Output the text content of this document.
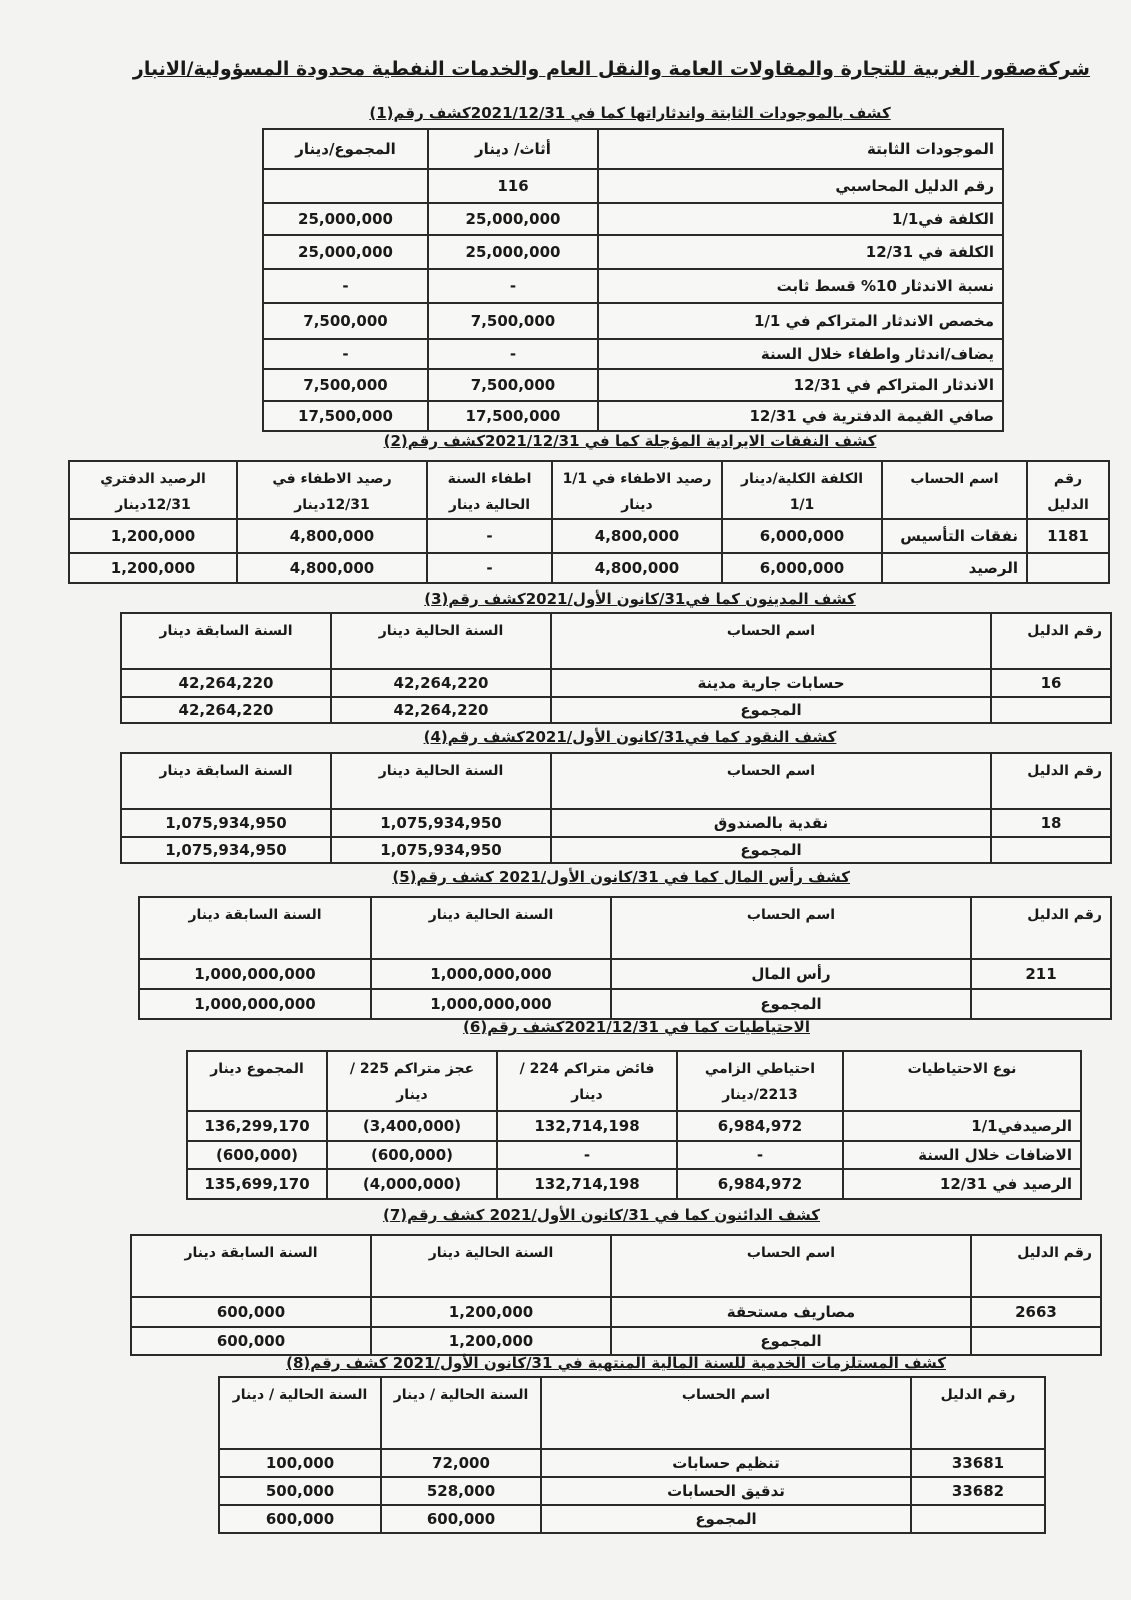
شركةصقور الغربية للتجارة والمقاولات العامة والنقل العام والخدمات النفطية محدودة المسؤولية/الانبار
كشف بالموجودات الثابتة واندثاراتها كما في 2021/12/31كشف رقم(1)
الموجودات الثابتة	أثاث/ دينار	المجموع/دينار
رقم الدليل المحاسبي	116	
الكلفة في1/1	25,000,000	25,000,000
الكلفة في 12/31	25,000,000	25,000,000
نسبة الاندثار 10% قسط ثابت	-	-
مخصص الاندثار المتراكم في 1/1	7,500,000	7,500,000
يضاف/اندثار واطفاء خلال السنة	-	-
الاندثار المتراكم في 12/31	7,500,000	7,500,000
صافي القيمة الدفترية في 12/31	17,500,000	17,500,000
كشف النفقات الايرادية المؤجلة كما في 2021/12/31كشف رقم(2)
رقم الدليل	اسم الحساب	الكلفة الكلية/دينار 1/1	رصيد الاطفاء في 1/1 دينار	اطفاء السنة الحالية دينار	رصيد الاطفاء في 12/31دينار	الرصيد الدفتري 12/31دينار
1181	نفقات التأسيس	6,000,000	4,800,000	-	4,800,000	1,200,000
	الرصيد	6,000,000	4,800,000	-	4,800,000	1,200,000
كشف المدينون كما في31/كانون الأول/2021كشف رقم(3)
رقم الدليل	اسم الحساب	السنة الحالية دينار	السنة السابقة دينار
16	حسابات جارية مدينة	42,264,220	42,264,220
	المجموع	42,264,220	42,264,220
كشف النقود كما في31/كانون الأول/2021كشف رقم(4)
رقم الدليل	اسم الحساب	السنة الحالية دينار	السنة السابقة دينار
18	نقدية بالصندوق	1,075,934,950	1,075,934,950
	المجموع	1,075,934,950	1,075,934,950
كشف رأس المال كما في 31/كانون الأول/2021 كشف رقم(5)
رقم الدليل	اسم الحساب	السنة الحالية دينار	السنة السابقة دينار
211	رأس المال	1,000,000,000	1,000,000,000
	المجموع	1,000,000,000	1,000,000,000
الاحتياطيات كما في 2021/12/31كشف رقم(6)
نوع الاحتياطيات	احتياطي الزامي 2213/دينار	فائض متراكم 224 / دينار	عجز متراكم 225 / دينار	المجموع دينار
الرصيدفي1/1	6,984,972	132,714,198	(3,400,000)	136,299,170
الاضافات خلال السنة	-	-	(600,000)	(600,000)
الرصيد في 12/31	6,984,972	132,714,198	(4,000,000)	135,699,170
كشف الدائنون كما في 31/كانون الأول/2021 كشف رقم(7)
رقم الدليل	اسم الحساب	السنة الحالية دينار	السنة السابقة دينار
2663	مصاريف مستحقة	1,200,000	600,000
	المجموع	1,200,000	600,000
كشف المستلزمات الخدمية للسنة المالية المنتهية في 31/كانون الأول/2021 كشف رقم(8)
رقم الدليل	اسم الحساب	السنة الحالية / دينار	السنة الحالية / دينار
33681	تنظيم حسابات	72,000	100,000
33682	تدقيق الحسابات	528,000	500,000
	المجموع	600,000	600,000
